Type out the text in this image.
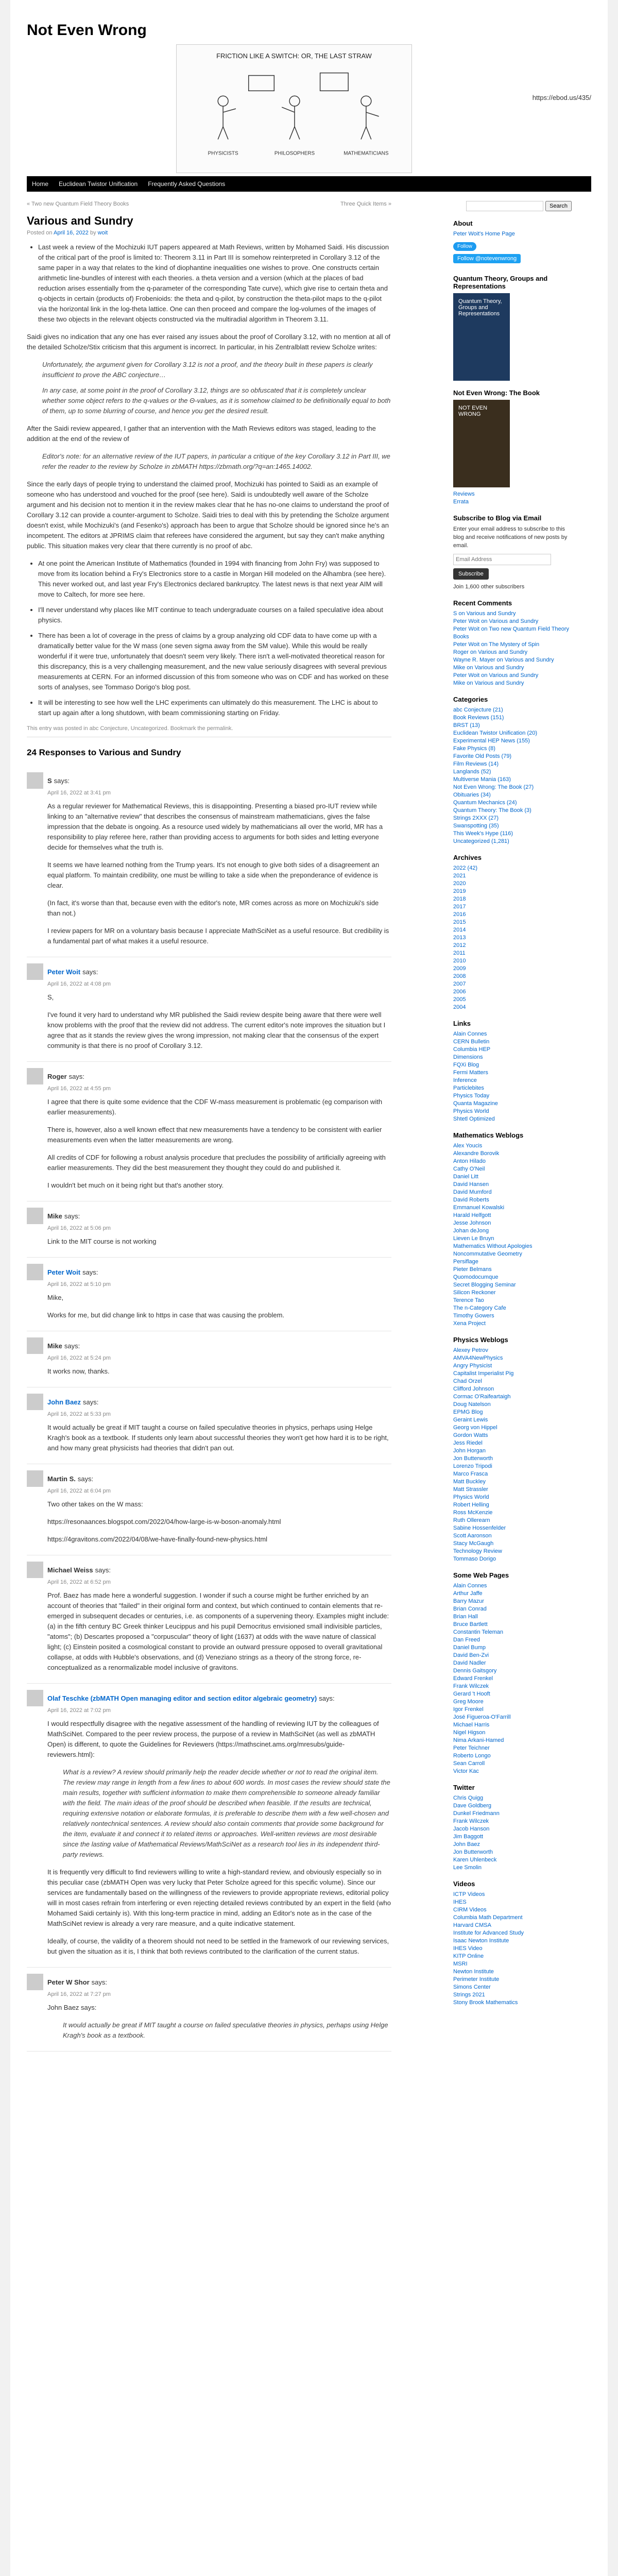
Not Even Wrong
FRICTION LIKE A SWITCH: OR, THE LAST STRAW
PHYSICISTS	PHILOSOPHERS	MATHEMATICIANS
https://ebod.us/435/
Home	Euclidean Twistor Unification	Frequently Asked Questions
« Two new Quantum Field Theory Books	Three Quick Items »
Various and Sundry
Posted on April 16, 2022 by woit
• Last week a review of the Mochizuki IUT papers appeared at Math Reviews, written by Mohamed Saidi. His discussion of the critical part of the proof is limited to: Theorem 3.11 in Part III is somehow reinterpreted in Corollary 3.12 of the same paper in a way that relates to the kind of diophantine inequalities one wishes to prove. One constructs certain arithmetic line-bundles of interest with each theories. a theta version and a version (which at the places of bad reduction arises essentially from the q-parameter of the corresponding Tate curve), which give rise to certain theta and q-objects in certain (products of) Frobenioids: the theta and q-pilot, by construction the theta-pilot maps to the q-pilot via the horizontal link in the log-theta lattice. One can then proceed and compare the log-volumes of the images of these two objects in the relevant objects constructed via the multiradial algorithm in Theorem 3.11.

Saidi gives no indication that any one has ever raised any issues about the proof of Corollary 3.12, with no mention at all of the detailed Scholze/Stix criticism that this argument is incorrect. In particular, in his Zentralblatt review Scholze writes:

Unfortunately, the argument given for Corollary 3.12 is not a proof, and the theory built in these papers is clearly insufficient to prove the ABC conjecture…

In any case, at some point in the proof of Corollary 3.12, things are so obfuscated that it is completely unclear whether some object refers to the q-values or the Θ-values, as it is somehow claimed to be definitionally equal to both of them, up to some blurring of course, and hence you get the desired result.

After the Saidi review appeared, I gather that an intervention with the Math Reviews editors was staged, leading to the addition at the end of the review of

Editor's note: for an alternative review of the IUT papers, in particular a critique of the key Corollary 3.12 in Part III, we refer the reader to the review by Scholze in zbMATH https://zbmath.org/?q=an:1465.14002.

Since the early days of people trying to understand the claimed proof, Mochizuki has pointed to Saidi as an example of someone who has understood and vouched for the proof (see here). Saidi is undoubtedly well aware of the Scholze argument and his decision not to mention it in the review makes clear that he has no-one claims to understand the proof of Corollary 3.12 can provide a counter-argument to Scholze. Saidi tries to deal with this by pretending the Scholze argument doesn't exist, while Mochizuki's (and Fesenko's) approach has been to argue that Scholze should be ignored since he's an incompetent. The editors at JPRIMS claim that referees have considered the argument, but say they can't make anything public. This situation makes very clear that there currently is no proof of abc.

• At one point the American Institute of Mathematics (founded in 1994 with financing from John Fry) was supposed to move from its location behind a Fry's Electronics store to a castle in Morgan Hill modeled on the Alhambra (see here). This never worked out, and last year Fry's Electronics declared bankruptcy. The latest news is that next year AIM will move to Caltech, for more see here.
• I'll never understand why places like MIT continue to teach undergraduate courses on a failed speculative idea about physics.
• There has been a lot of coverage in the press of claims by a group analyzing old CDF data to have come up with a dramatically better value for the W mass (one seven sigma away from the SM value). While this would be really wonderful if it were true, unfortunately that doesn't seem very likely. There isn't a well-motivated theoretical reason for this discrepancy, this is a very challenging measurement, and the new value seriously disagrees with several previous measurements at CERN. For an informed discussion of this from someone who was on CDF and has worked on these sorts of analyses, see Tommaso Dorigo's blog post.
• It will be interesting to see how well the LHC experiments can ultimately do this measurement. The LHC is about to start up again after a long shutdown, with beam commissioning starting on Friday.
This entry was posted in abc Conjecture, Uncategorized. Bookmark the permalink.
24 Responses to Various and Sundry
S says:
April 16, 2022 at 3:41 pm

As a regular reviewer for Mathematical Reviews, this is disappointing. Presenting a biased pro-IUT review while linking to an "alternative review" that describes the consensus of mainstream mathematicians, gives the false impression that the debate is ongoing. As a resource used widely by mathematicians all over the world, MR has a responsibility to play referee here, rather than providing access to arguments for both sides and letting everyone decide for themselves what the truth is.

It seems we have learned nothing from the Trump years. It's not enough to give both sides of a disagreement an equal platform. To maintain credibility, one must be willing to take a side when the preponderance of evidence is clear.

(In fact, it's worse than that, because even with the editor's note, MR comes across as more on Mochizuki's side than not.)

I review papers for MR on a voluntary basis because I appreciate MathSciNet as a useful resource. But credibility is a fundamental part of what makes it a useful resource.

Peter Woit says:
April 16, 2022 at 4:08 pm

S,

I've found it very hard to understand why MR published the Saidi review despite being aware that there were well know problems with the proof that the review did not address. The current editor's note improves the situation but I agree that as it stands the review gives the wrong impression, not making clear that the consensus of the expert community is that there is no proof of Corollary 3.12.

Roger says:
April 16, 2022 at 4:55 pm

I agree that there is quite some evidence that the CDF W-mass measurement is problematic (eg comparison with earlier measurements).

There is, however, also a well known effect that new measurements have a tendency to be consistent with earlier measurements even when the latter measurements are wrong.

All credits of CDF for following a robust analysis procedure that precludes the possibility of artificially agreeing with earlier measurements. They did the best measurement they thought they could do and published it.

I wouldn't bet much on it being right but that's another story.

Mike says:
April 16, 2022 at 5:06 pm

Link to the MIT course is not working

Peter Woit says:
April 16, 2022 at 5:10 pm

Mike,

Works for me, but did change link to https in case that was causing the problem.

Mike says:
April 16, 2022 at 5:24 pm

It works now, thanks.

John Baez says:
April 16, 2022 at 5:33 pm

It would actually be great if MIT taught a course on failed speculative theories in physics, perhaps using Helge Kragh's book as a textbook. If students only learn about successful theories they won't get how hard it is to be right, and how many great physicists had theories that didn't pan out.

Martin S. says:
April 16, 2022 at 6:04 pm

Two other takes on the W mass:

https://resonaances.blogspot.com/2022/04/how-large-is-w-boson-anomaly.html

https://4gravitons.com/2022/04/08/we-have-finally-found-new-physics.html

Michael Weiss says:
April 16, 2022 at 6:52 pm

Prof. Baez has made here a wonderful suggestion. I wonder if such a course might be further enriched by an account of theories that "failed" in their original form and context, but which continued to contain elements that re-emerged in subsequent decades or centuries, i.e. as components of a supervening theory. Examples might include: (a) in the fifth century BC Greek thinker Leucippus and his pupil Democritus envisioned small indivisible particles, "atoms"; (b) Descartes proposed a "corpuscular" theory of light (1637) at odds with the wave nature of classical light; (c) Einstein posited a cosmological constant to provide an outward pressure opposed to overall gravitational collapse, at odds with Hubble's observations, and (d) Veneziano strings as a theory of the strong force, re-conceptualized as a renormalizable model inclusive of gravitons.

Olaf Teschke (zbMATH Open managing editor and section editor algebraic geometry) says:
April 16, 2022 at 7:02 pm

I would respectfully disagree with the negative assessment of the handling of reviewing IUT by the colleagues of MathSciNet. Compared to the peer review process, the purpose of a review in MathSciNet (as well as zbMATH Open) is different, to quote the Guidelines for Reviewers (https://mathscinet.ams.org/mresubs/guide-reviewers.html):

What is a review? A review should primarily help the reader decide whether or not to read the original item. The review may range in length from a few lines to about 600 words. In most cases the review should state the main results, together with sufficient information to make them comprehensible to someone already familiar with the field. The main ideas of the proof should be described when feasible. If the results are technical, requiring extensive notation or elaborate formulas, it is preferable to describe them with a few well-chosen and relatively nontechnical sentences. A review should also contain comments that provide some background for the item, evaluate it and connect it to related items or approaches. Well-written reviews are most desirable since the lasting value of Mathematical Reviews/MathSciNet as a research tool lies in its independent third-party reviews.

It is frequently very difficult to find reviewers willing to write a high-standard review, and obviously especially so in this peculiar case (zbMATH Open was very lucky that Peter Scholze agreed for this specific volume). Since our services are fundamentally based on the willingness of the reviewers to provide appropriate reviews, editorial policy will in most cases refrain from interfering or even rejecting detailed reviews contributed by an expert in the field (who Mohamed Saidi certainly is). With this long-term practice in mind, adding an Editor's note as in the case of the MathSciNet review is already a very rare measure, and a quite indicative statement.

Ideally, of course, the validity of a theorem should not need to be settled in the framework of our reviewing services, but given the situation as it is, I think that both reviews contributed to the clarification of the current status.

Peter W Shor says:
April 16, 2022 at 7:27 pm

John Baez says:

It would actually be great if MIT taught a course on failed speculative theories in physics, perhaps using Helge Kragh's book as a textbook.
Search
About
Peter Woit's Home Page
Follow
Follow @notevenwrong
Quantum Theory, Groups and Representations
Quantum Theory, Groups and Representations
Not Even Wrong: The Book
NOT EVEN WRONG
Reviews
Errata
Subscribe to Blog via Email

Enter your email address to subscribe to this blog and receive notifications of new posts by email.

Email Address
Subscribe

Join 1,600 other subscribers

Recent Comments
S on Various and Sundry
Peter Woit on Various and Sundry
Peter Woit on Two new Quantum Field Theory Books
Peter Woit on The Mystery of Spin
Roger on Various and Sundry
Wayne R. Mayer on Various and Sundry
Mike on Various and Sundry
Peter Woit on Various and Sundry
Mike on Various and Sundry
Categories
abc Conjecture (21)
Book Reviews (151)
BRST (13)
Euclidean Twistor Unification (20)
Experimental HEP News (155)
Fake Physics (8)
Favorite Old Posts (79)
Film Reviews (14)
Langlands (52)
Multiverse Mania (163)
Not Even Wrong: The Book (27)
Obituaries (34)
Quantum Mechanics (24)
Quantum Theory: The Book (3)
Strings 2XXX (27)
Swanspotting (35)
This Week's Hype (116)
Uncategorized (1,281)
Archives
2022 (42)
2021
2020
2019
2018
2017
2016
2015
2014
2013
2012
2011
2010
2009
2008
2007
2006
2005
2004
Links
Alain Connes
CERN Bulletin
Columbia HEP
Dimensions
FQXi Blog
Fermi Matters
Inference
Particlebites
Physics Today
Quanta Magazine
Physics World
Shtetl Optimized
Mathematics Weblogs
Alex Youcis
Alexandre Borovik
Anton Hilado
Cathy O'Neil
Daniel Litt
David Hansen
David Mumford
David Roberts
Emmanuel Kowalski
Harald Helfgott
Jesse Johnson
Johan deJong
Lieven Le Bruyn
Mathematics Without Apologies
Noncommutative Geometry
Persiflage
Pieter Belmans
Quomodocumque
Secret Blogging Seminar
Silicon Reckoner
Terence Tao
The n-Category Cafe
Timothy Gowers
Xena Project
Physics Weblogs
Alexey Petrov
AMVA4NewPhysics
Angry Physicist
Capitalist Imperialist Pig
Chad Orzel
Clifford Johnson
Cormac O'Raifeartaigh
Doug Natelson
EPMG Blog
Geraint Lewis
Georg von Hippel
Gordon Watts
Jess Riedel
John Horgan
Jon Butterworth
Lorenzo Tripodi
Marco Frasca
Matt Buckley
Matt Strassler
Physics World
Robert Helling
Ross McKenzie
Ruth Ollerearn
Sabine Hossenfelder
Scott Aaronson
Stacy McGaugh
Technology Review
Tommaso Dorigo
Some Web Pages
Alain Connes
Arthur Jaffe
Barry Mazur
Brian Conrad
Brian Hall
Bruce Bartlett
Constantin Teleman
Dan Freed
Daniel Bump
David Ben-Zvi
David Nadler
Dennis Gaitsgory
Edward Frenkel
Frank Wilczek
Gerard 't Hooft
Greg Moore
Igor Frenkel
José Figueroa-O'Farrill
Michael Harris
Nigel Higson
Nima Arkani-Hamed
Peter Teichner
Roberto Longo
Sean Carroll
Victor Kac
Twitter
Chris Quigg
Dave Goldberg
Dunkel Friedmann
Frank Wilczek
Jacob Hanson
Jim Baggott
John Baez
Jon Butterworth
Karen Uhlenbeck
Lee Smolin
Videos
ICTP Videos
IHES
CIRM Videos
Columbia Math Department
Harvard CMSA
Institute for Advanced Study
Isaac Newton Institute
IHES Video
KITP Online
MSRI
Newton Institute
Perimeter Institute
Simons Center
Strings 2021
Stony Brook Mathematics
